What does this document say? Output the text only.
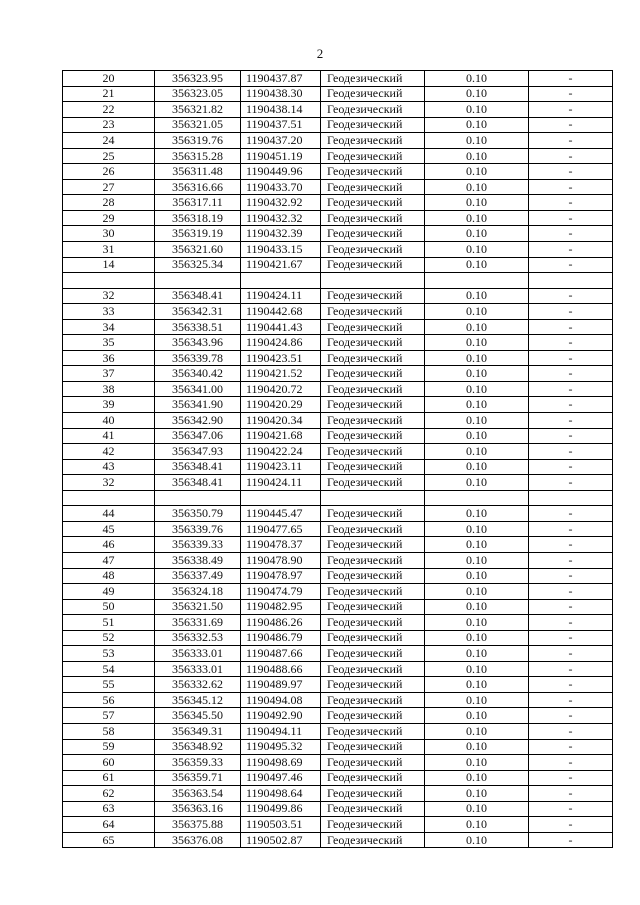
2
20	356323.95	1190437.87	Геодезический	0.10	-
21	356323.05	1190438.30	Геодезический	0.10	-
22	356321.82	1190438.14	Геодезический	0.10	-
23	356321.05	1190437.51	Геодезический	0.10	-
24	356319.76	1190437.20	Геодезический	0.10	-
25	356315.28	1190451.19	Геодезический	0.10	-
26	356311.48	1190449.96	Геодезический	0.10	-
27	356316.66	1190433.70	Геодезический	0.10	-
28	356317.11	1190432.92	Геодезический	0.10	-
29	356318.19	1190432.32	Геодезический	0.10	-
30	356319.19	1190432.39	Геодезический	0.10	-
31	356321.60	1190433.15	Геодезический	0.10	-
14	356325.34	1190421.67	Геодезический	0.10	-

32	356348.41	1190424.11	Геодезический	0.10	-
33	356342.31	1190442.68	Геодезический	0.10	-
34	356338.51	1190441.43	Геодезический	0.10	-
35	356343.96	1190424.86	Геодезический	0.10	-
36	356339.78	1190423.51	Геодезический	0.10	-
37	356340.42	1190421.52	Геодезический	0.10	-
38	356341.00	1190420.72	Геодезический	0.10	-
39	356341.90	1190420.29	Геодезический	0.10	-
40	356342.90	1190420.34	Геодезический	0.10	-
41	356347.06	1190421.68	Геодезический	0.10	-
42	356347.93	1190422.24	Геодезический	0.10	-
43	356348.41	1190423.11	Геодезический	0.10	-
32	356348.41	1190424.11	Геодезический	0.10	-

44	356350.79	1190445.47	Геодезический	0.10	-
45	356339.76	1190477.65	Геодезический	0.10	-
46	356339.33	1190478.37	Геодезический	0.10	-
47	356338.49	1190478.90	Геодезический	0.10	-
48	356337.49	1190478.97	Геодезический	0.10	-
49	356324.18	1190474.79	Геодезический	0.10	-
50	356321.50	1190482.95	Геодезический	0.10	-
51	356331.69	1190486.26	Геодезический	0.10	-
52	356332.53	1190486.79	Геодезический	0.10	-
53	356333.01	1190487.66	Геодезический	0.10	-
54	356333.01	1190488.66	Геодезический	0.10	-
55	356332.62	1190489.97	Геодезический	0.10	-
56	356345.12	1190494.08	Геодезический	0.10	-
57	356345.50	1190492.90	Геодезический	0.10	-
58	356349.31	1190494.11	Геодезический	0.10	-
59	356348.92	1190495.32	Геодезический	0.10	-
60	356359.33	1190498.69	Геодезический	0.10	-
61	356359.71	1190497.46	Геодезический	0.10	-
62	356363.54	1190498.64	Геодезический	0.10	-
63	356363.16	1190499.86	Геодезический	0.10	-
64	356375.88	1190503.51	Геодезический	0.10	-
65	356376.08	1190502.87	Геодезический	0.10	-
